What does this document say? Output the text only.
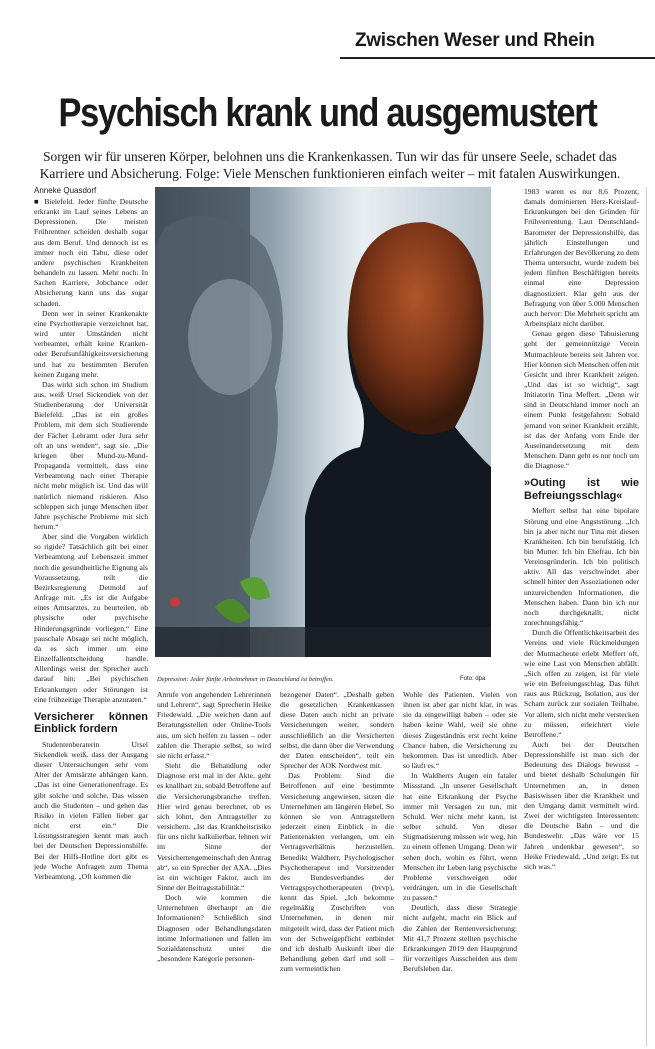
Zwischen Weser und Rhein
Psychisch krank und ausgemustert
Sorgen wir für unseren Körper, belohnen uns die Krankenkassen. Tun wir das für unsere Seele, schadet das Karriere und Absicherung. Folge: Viele Menschen funktionieren einfach weiter – mit fatalen Auswirkungen.
Anneke Quasdorf

■ Bielefeld. Jeder fünfte Deutsche erkrankt im Lauf seines Lebens an Depressionen. Die meisten Frührentner scheiden deshalb sogar aus dem Beruf. Und dennoch ist es immer noch ein Tabu, diese oder andere psychischen Krankheiten behandeln zu lassen. Mehr noch: In Sachen Karriere, Jobchance oder Absicherung kann uns das sogar schaden.

Denn wer in seiner Krankenakte eine Psychotherapie verzeichnet hat, wird unter Umständen nicht verbeamtet, erhält keine Kranken- oder Berufsunfähigkeitsversicherung und hat zu bestimmten Berufen keinen Zugang mehr.

Das wirkt sich schon im Studium aus, weiß Ursel Sickendiek von der Studienberatung der Universität Bielefeld. „Das ist ein großes Problem, mit dem sich Studierende der Fächer Lehramt oder Jura sehr oft an uns wenden“, sagt sie. „Die kriegen über Mund-zu-Mund-Propaganda vermittelt, dass eine Verbeamtung nach einer Therapie nicht mehr möglich ist. Und das will natürlich niemand riskieren. Also schleppen sich junge Menschen über Jahre psychische Probleme mit sich herum.“

Aber sind die Vorgaben wirklich so rigide? Tatsächlich gilt bei einer Verbeamtung auf Lebenszeit immer noch die gesundheitliche Eignung als Voraussetzung, teilt die Bezirksregierung Detmold auf Anfrage mit. „Es ist die Aufgabe eines Amtsarztes, zu beurteilen, ob physische oder psychische Hinderungsgründe vorliegen.“ Eine pauschale Absage sei nicht möglich, da es sich immer um eine Einzelfallentscheidung handle. Allerdings weist der Sprecher auch darauf hin: „Bei psychischen Erkrankungen oder Störungen ist eine frühzeitige Therapie anzuraten.“

Versicherer können Einblick fordern

Studentenberaterin Ursel Sickendiek weiß, dass der Ausgang dieser Untersuchungen sehr vom Alter der Amtsärzte abhängen kann. „Das ist eine Generationenfrage. Es gibt solche und solche. Das wissen auch die Studenten – und gehen das Risiko in vielen Fällen lieber gar nicht erst ein.“ Die Lösungsstrategien kennt man auch bei der Deutschen Depressionshilfe. Bei der Hilfs-Hotline dort gibt es jede Woche Anfragen zum Thema Verbeamtung. „Oft kommen die

Depression: Jeder fünfte Arbeitnehmer in Deutschland ist betroffen.	Foto: dpa

Anrufe von angehenden Lehrerinnen und Lehrern“, sagt Sprecherin Heike Friedewald. „Die weichen dann auf Beratungsstellen oder Online-Tools aus, um sich helfen zu lassen – oder zahlen die Therapie selbst, so wird sie nicht erfasst.“

Steht die Behandlung oder Diagnose erst mal in der Akte, geht es knallhart zu, sobald Betroffene auf die Versicherungsbranche treffen. Hier wird genau berechnet, ob es sich lohnt, den Antragsteller zu versichern. „Ist das Krankheitsrisiko für uns nicht kalkulierbar, lehnen wir im Sinne der Versichertengemeinschaft den Antrag ab“, so ein Sprecher der AXA. „Dies ist ein wichtiger Faktor, auch im Sinne der Beitragsstabilität.“

Doch wie kommen die Unternehmen überhaupt an die Informationen? Schließlich sind Diagnosen oder Behandlungsdaten intime Informationen und fallen im Sozialdatenschutz unter die „besondere Kategorie personen-

bezogener Daten“. „Deshalb geben die gesetzlichen Krankenkassen diese Daten auch nicht an private Versicherungen weiter, sondern ausschließlich an die Versicherten selbst, die dann über die Verwendung der Daten entscheiden“, teilt ein Sprecher der AOK Nordwest mit.

Das Problem: Sind die Betroffenen auf eine bestimmte Versicherung angewiesen, sitzen die Unternehmen am längeren Hebel. So können sie von Antragstellern jederzeit einen Einblick in die Patientenakten verlangen, um ein Vertragsverhältnis herzustellen. Benedikt Waldherr, Psychologischer Psychotherapeut und Vorsitzender des Bundesverbandes der Vertragspsychotherapeuten (bvvp), kennt das Spiel. „Ich bekomme regelmäßig Zuschriften von Unternehmen, in denen mir mitgeteilt wird, dass der Patient mich von der Schweigepflicht entbindet und ich deshalb Auskunft über die Behandlung geben darf und soll – zum vermeintlichen

Wohle des Patienten. Vielen von ihnen ist aber gar nicht klar, in was sie da eingewilligt haben – oder sie haben keine Wahl, weil sie ohne dieses Zugeständnis erst recht keine Chance haben, die Versicherung zu bekommen. Das ist unredlich. Aber so läuft es.“

In Waldherrs Augen ein fataler Missstand. „In unserer Gesellschaft hat eine Erkrankung der Psyche immer mit Versagen zu tun, mit Schuld. Wer nicht mehr kann, ist selber schuld. Von dieser Stigmatisierung müssen wir weg, hin zu einem offenen Umgang. Denn wir sehen doch, wohin es führt, wenn Menschen ihr Leben lang psychische Probleme verschweigen oder verdrängen, um in die Gesellschaft zu passen.“

Deutlich, dass diese Strategie nicht aufgeht, macht ein Blick auf die Zahlen der Rentenversicherung: Mit 41,7 Prozent stellten psychische Erkrankungen 2019 den Hauptgrund für vorzeitiges Ausscheiden aus dem Berufsleben dar.

1983 waren es nur 8,6 Prozent, damals dominierten Herz-Kreislauf-Erkrankungen bei den Gründen für Frühverrentung. Laut Deutschland-Barometer der Depressionshilfe, das jährlich Einstellungen und Erfahrungen der Bevölkerung zu dem Thema untersucht, wurde zudem bei jedem fünften Beschäftigten bereits einmal eine Depression diagnostiziert. Klar geht aus der Befragung von über 5.000 Menschen auch hervor: Die Mehrheit spricht am Arbeitsplatz nicht darüber.

Genau gegen diese Tabuisierung geht der gemeinnützige Verein Mutmachleute bereits seit Jahren vor. Hier können sich Menschen offen mit Gesicht und ihrer Krankheit zeigen. „Und das ist so wichtig“, sagt Initiatorin Tina Meffert. „Denn wir sind in Deutschland immer noch an einem Punkt festgefahren: Sobald jemand von seiner Krankheit erzählt, ist das der Anfang vom Ende der Auseinandersetzung mit dem Menschen. Dann geht es nur noch um die Diagnose.“

»Outing ist wie Befreiungsschlag«

Meffert selbst hat eine bipolare Störung und eine Angststörung. „Ich bin ja aber nicht nur Tina mit diesen Krankheiten. Ich bin berufstätig. Ich bin Mutter. Ich bin Ehefrau. Ich bin Vereinsgründerin. Ich bin politisch aktiv. All das verschwindet aber schnell hinter den Assoziationen oder unzureichenden Informationen, die Menschen haben. Dann bin ich nur noch durchgeknallt, nicht zurechnungsfähig.“

Durch die Öffentlichkeitsarbeit des Vereins und viele Rückmeldungen der Mutmacheute erlebt Meffert oft, wie eine Last von Menschen abfällt. „Sich offen zu zeigen, ist für viele wie ein Befreiungsschlag. Das führt raus aus Rückzug, Isolation, aus der Scham zurück zur sozialen Teilhabe. Vor allem, sich nicht mehr verstecken zu müssen, erleichtert viele Betroffene.“

Auch bei der Deutschen Depressionshilfe ist man sich der Bedeutung des Dialogs bewusst – und bietet deshalb Schulungen für Unternehmen an, in denen Basiswissen über die Krankheit und den Umgang damit vermittelt wird. Zwei der wichtigsten Interessenten: die Deutsche Bahn – und die Bundeswehr. „Das wäre vor 15 Jahren undenkbar gewesen“, so Heike Friedewald. „Und zeigt: Es tut sich was.“
